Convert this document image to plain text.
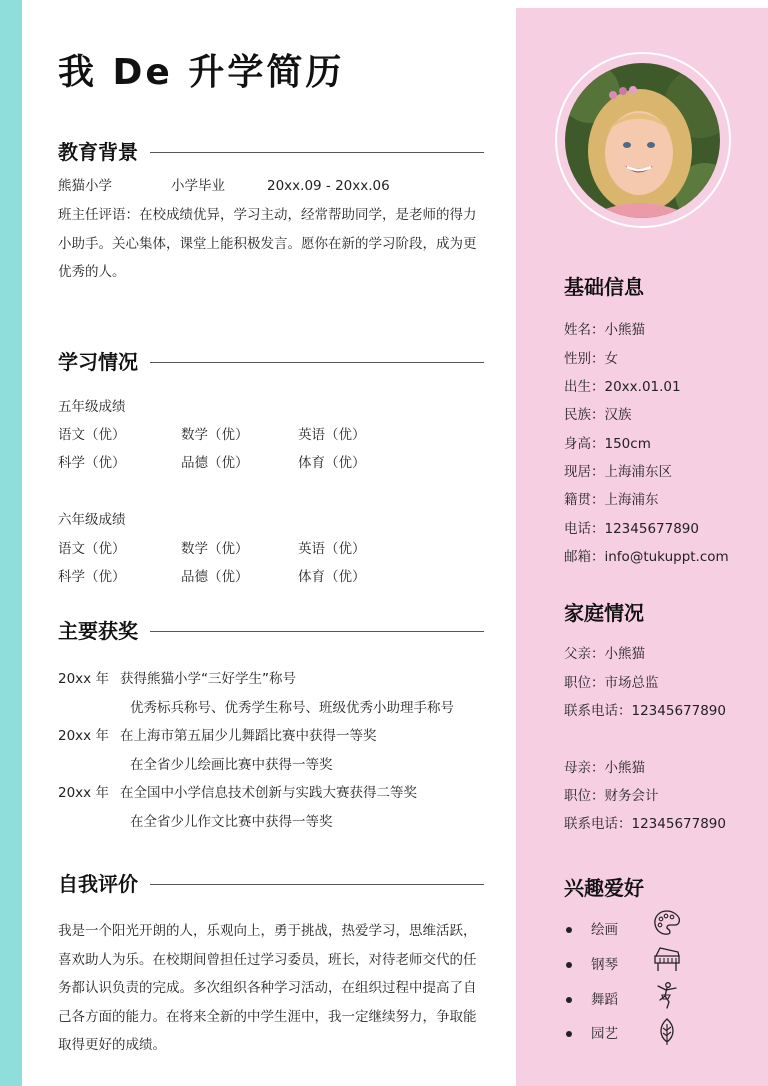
我 De 升学简历
教育背景
熊猫小学	小学毕业	20xx.09 - 20xx.06
班主任评语：在校成绩优异，学习主动，经常帮助同学，是老师的得力小助手。关心集体，课堂上能积极发言。愿你在新的学习阶段，成为更优秀的人。
学习情况
五年级成绩
语文（优）	数学（优）	英语（优）
科学（优）	品德（优）	体育（优）
六年级成绩
语文（优）	数学（优）	英语（优）
科学（优）	品德（优）	体育（优）
主要获奖
20xx 年 获得熊猫小学“三好学生”称号
优秀标兵称号、优秀学生称号、班级优秀小助理手称号
20xx 年 在上海市第五届少儿舞蹈比赛中获得一等奖
在全省少儿绘画比赛中获得一等奖
20xx 年 在全国中小学信息技术创新与实践大赛获得二等奖
在全省少儿作文比赛中获得一等奖
自我评价
我是一个阳光开朗的人，乐观向上，勇于挑战，热爱学习，思维活跃，喜欢助人为乐。在校期间曾担任过学习委员，班长，对待老师交代的任务都认识负责的完成。多次组织各种学习活动，在组织过程中提高了自己各方面的能力。在将来全新的中学生涯中，我一定继续努力，争取能取得更好的成绩。
基础信息
姓名：小熊猫
性别：女
出生：20xx.01.01
民族：汉族
身高：150cm
现居：上海浦东区
籍贯：上海浦东
电话：12345677890
邮箱：info@tukuppt.com
家庭情况
父亲：小熊猫
职位：市场总监
联系电话：12345677890
母亲：小熊猫
职位：财务会计
联系电话：12345677890
兴趣爱好
绘画
钢琴
舞蹈
园艺
